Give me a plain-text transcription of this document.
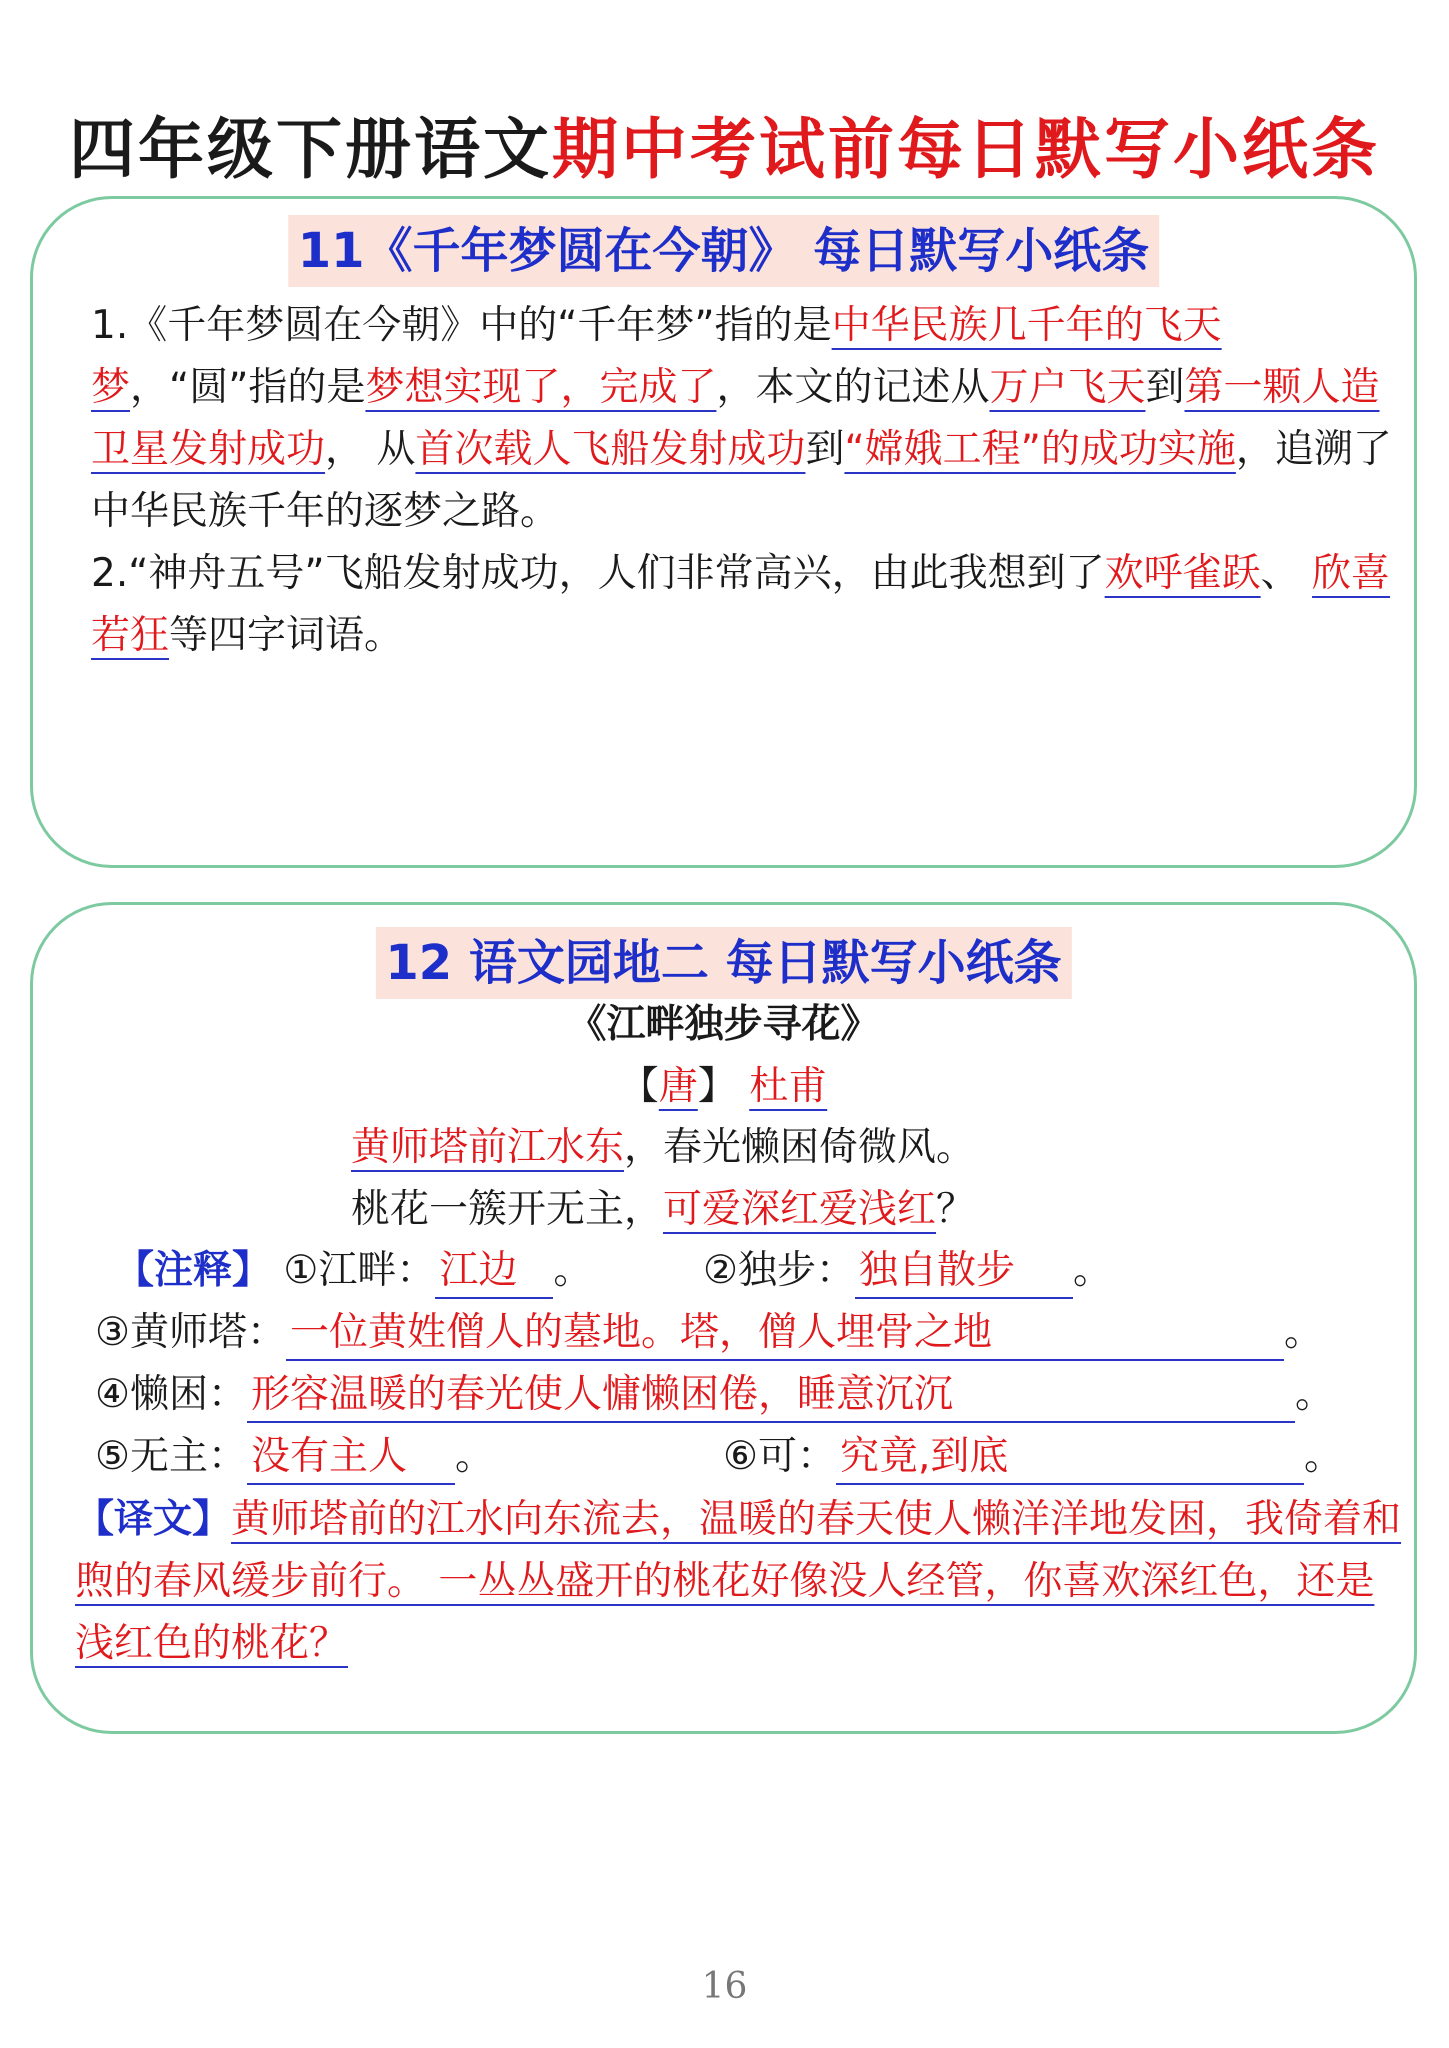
四年级下册语文期中考试前每日默写小纸条
11《千年梦圆在今朝》 每日默写小纸条
1.《千年梦圆在今朝》中的“千年梦”指的是中华民族几千年的飞天梦，“圆”指的是梦想实现了，完成了，本文的记述从万户飞天到第一颗人造卫星发射成功， 从首次载人飞船发射成功到“嫦娥工程”的成功实施，追溯了中华民族千年的逐梦之路。
2.“神舟五号”飞船发射成功，人们非常高兴，由此我想到了欢呼雀跃、 欣喜若狂等四字词语。
12 语文园地二 每日默写小纸条
《江畔独步寻花》
【唐】 杜甫
黄师塔前江水东，春光懒困倚微风。
桃花一簇开无主，可爱深红爱浅红？
【注释】 ①江畔： 江边 。	②独步： 独自散步 。
③黄师塔： 一位黄姓僧人的墓地。塔，僧人埋骨之地	。
④懒困： 形容温暖的春光使人慵懒困倦，睡意沉沉	。
⑤无主： 没有主人 。	⑥可： 究竟,到底	。
【译文】黄师塔前的江水向东流去，温暖的春天使人懒洋洋地发困，我倚着和煦的春风缓步前行。 一丛丛盛开的桃花好像没人经管，你喜欢深红色，还是浅红色的桃花？
16
